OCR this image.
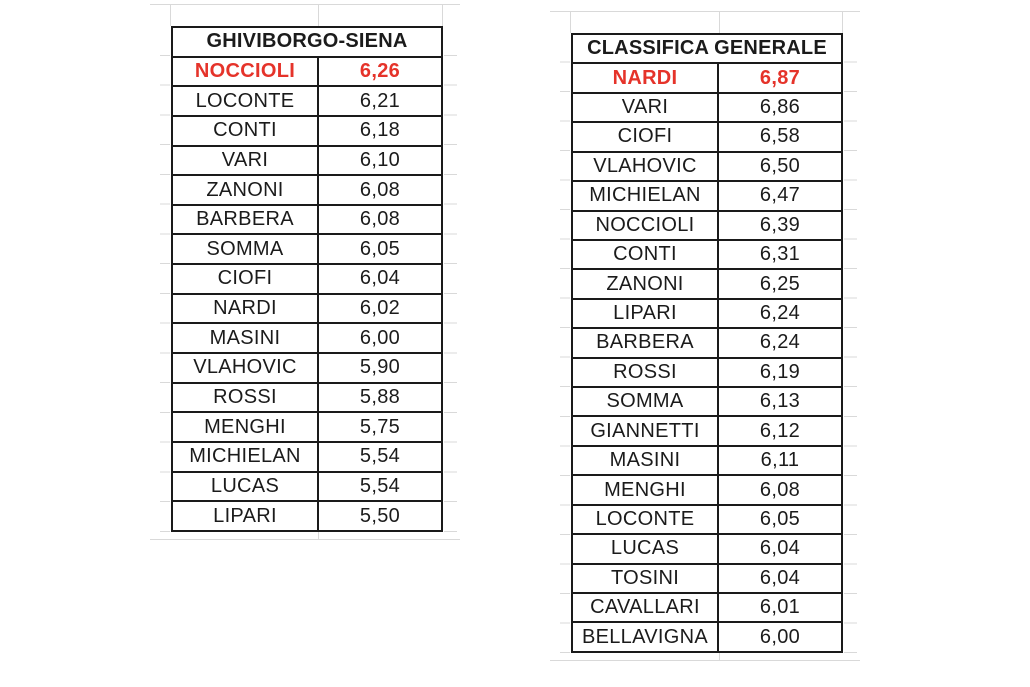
GHIVIBORGO-SIENA
NOCCIOLI	6,26
LOCONTE	6,21
CONTI	6,18
VARI	6,10
ZANONI	6,08
BARBERA	6,08
SOMMA	6,05
CIOFI	6,04
NARDI	6,02
MASINI	6,00
VLAHOVIC	5,90
ROSSI	5,88
MENGHI	5,75
MICHIELAN	5,54
LUCAS	5,54
LIPARI	5,50
CLASSIFICA GENERALE
NARDI	6,87
VARI	6,86
CIOFI	6,58
VLAHOVIC	6,50
MICHIELAN	6,47
NOCCIOLI	6,39
CONTI	6,31
ZANONI	6,25
LIPARI	6,24
BARBERA	6,24
ROSSI	6,19
SOMMA	6,13
GIANNETTI	6,12
MASINI	6,11
MENGHI	6,08
LOCONTE	6,05
LUCAS	6,04
TOSINI	6,04
CAVALLARI	6,01
BELLAVIGNA	6,00
